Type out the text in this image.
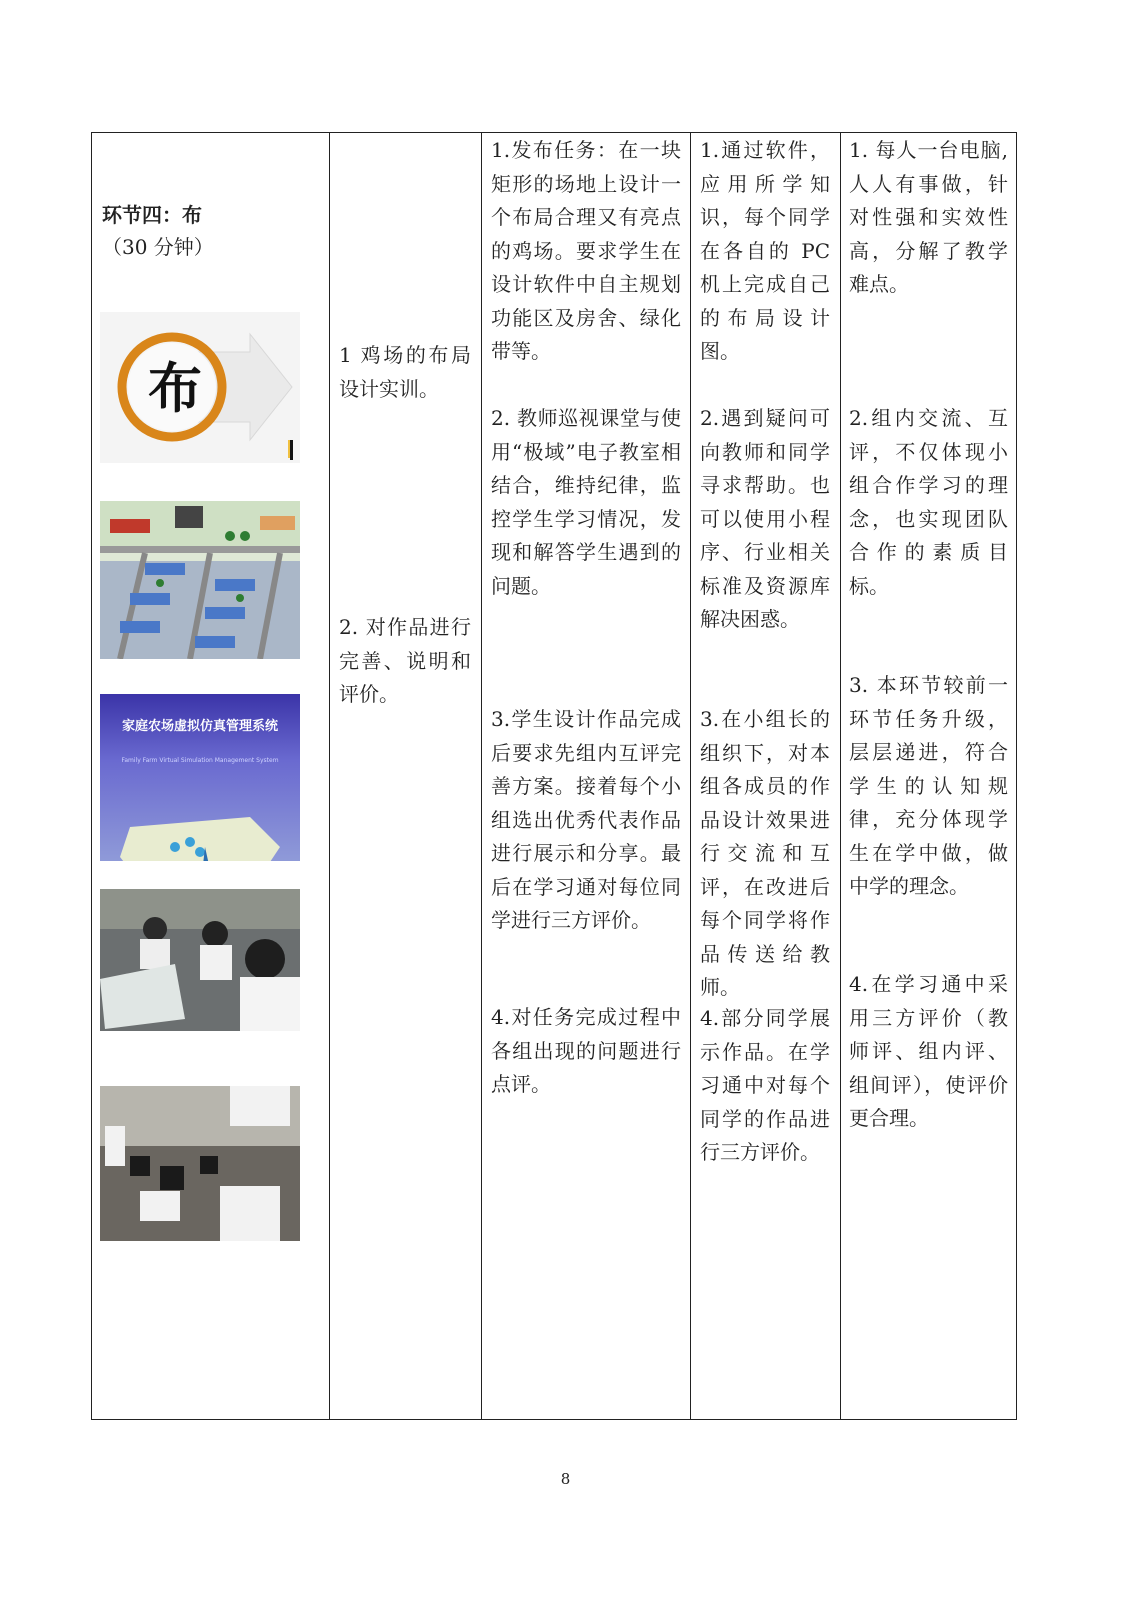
环节四：布
（30 分钟）
布
家庭农场虚拟仿真管理系统
Family Farm Virtual Simulation Management System
1 鸡场的布局设计实训。
2. 对作品进行完善、说明和评价。
1.发布任务：在一块矩形的场地上设计一个布局合理又有亮点的鸡场。要求学生在设计软件中自主规划功能区及房舍、绿化带等。
2. 教师巡视课堂与使用“极域”电子教室相结合，维持纪律，监控学生学习情况，发现和解答学生遇到的问题。
3.学生设计作品完成后要求先组内互评完善方案。接着每个小组选出优秀代表作品进行展示和分享。最后在学习通对每位同学进行三方评价。
4.对任务完成过程中各组出现的问题进行点评。
1.通过软件，应用所学知识，每个同学在各自的 PC 机上完成自己的布局设计图。
2.遇到疑问可向教师和同学寻求帮助。也可以使用小程序、行业相关标准及资源库解决困惑。
3.在小组长的组织下，对本组各成员的作品设计效果进行交流和互评，在改进后每个同学将作品传送给教师。
4.部分同学展示作品。在学习通中对每个同学的作品进行三方评价。
1. 每人一台电脑,人人有事做，针对性强和实效性高，分解了教学难点。
2.组内交流、互评，不仅体现小组合作学习的理念，也实现团队合作的素质目标。
3. 本环节较前一环节任务升级，层层递进，符合学生的认知规律，充分体现学生在学中做，做中学的理念。
4.在学习通中采用三方评价（教师评、组内评、组间评），使评价更合理。
8
